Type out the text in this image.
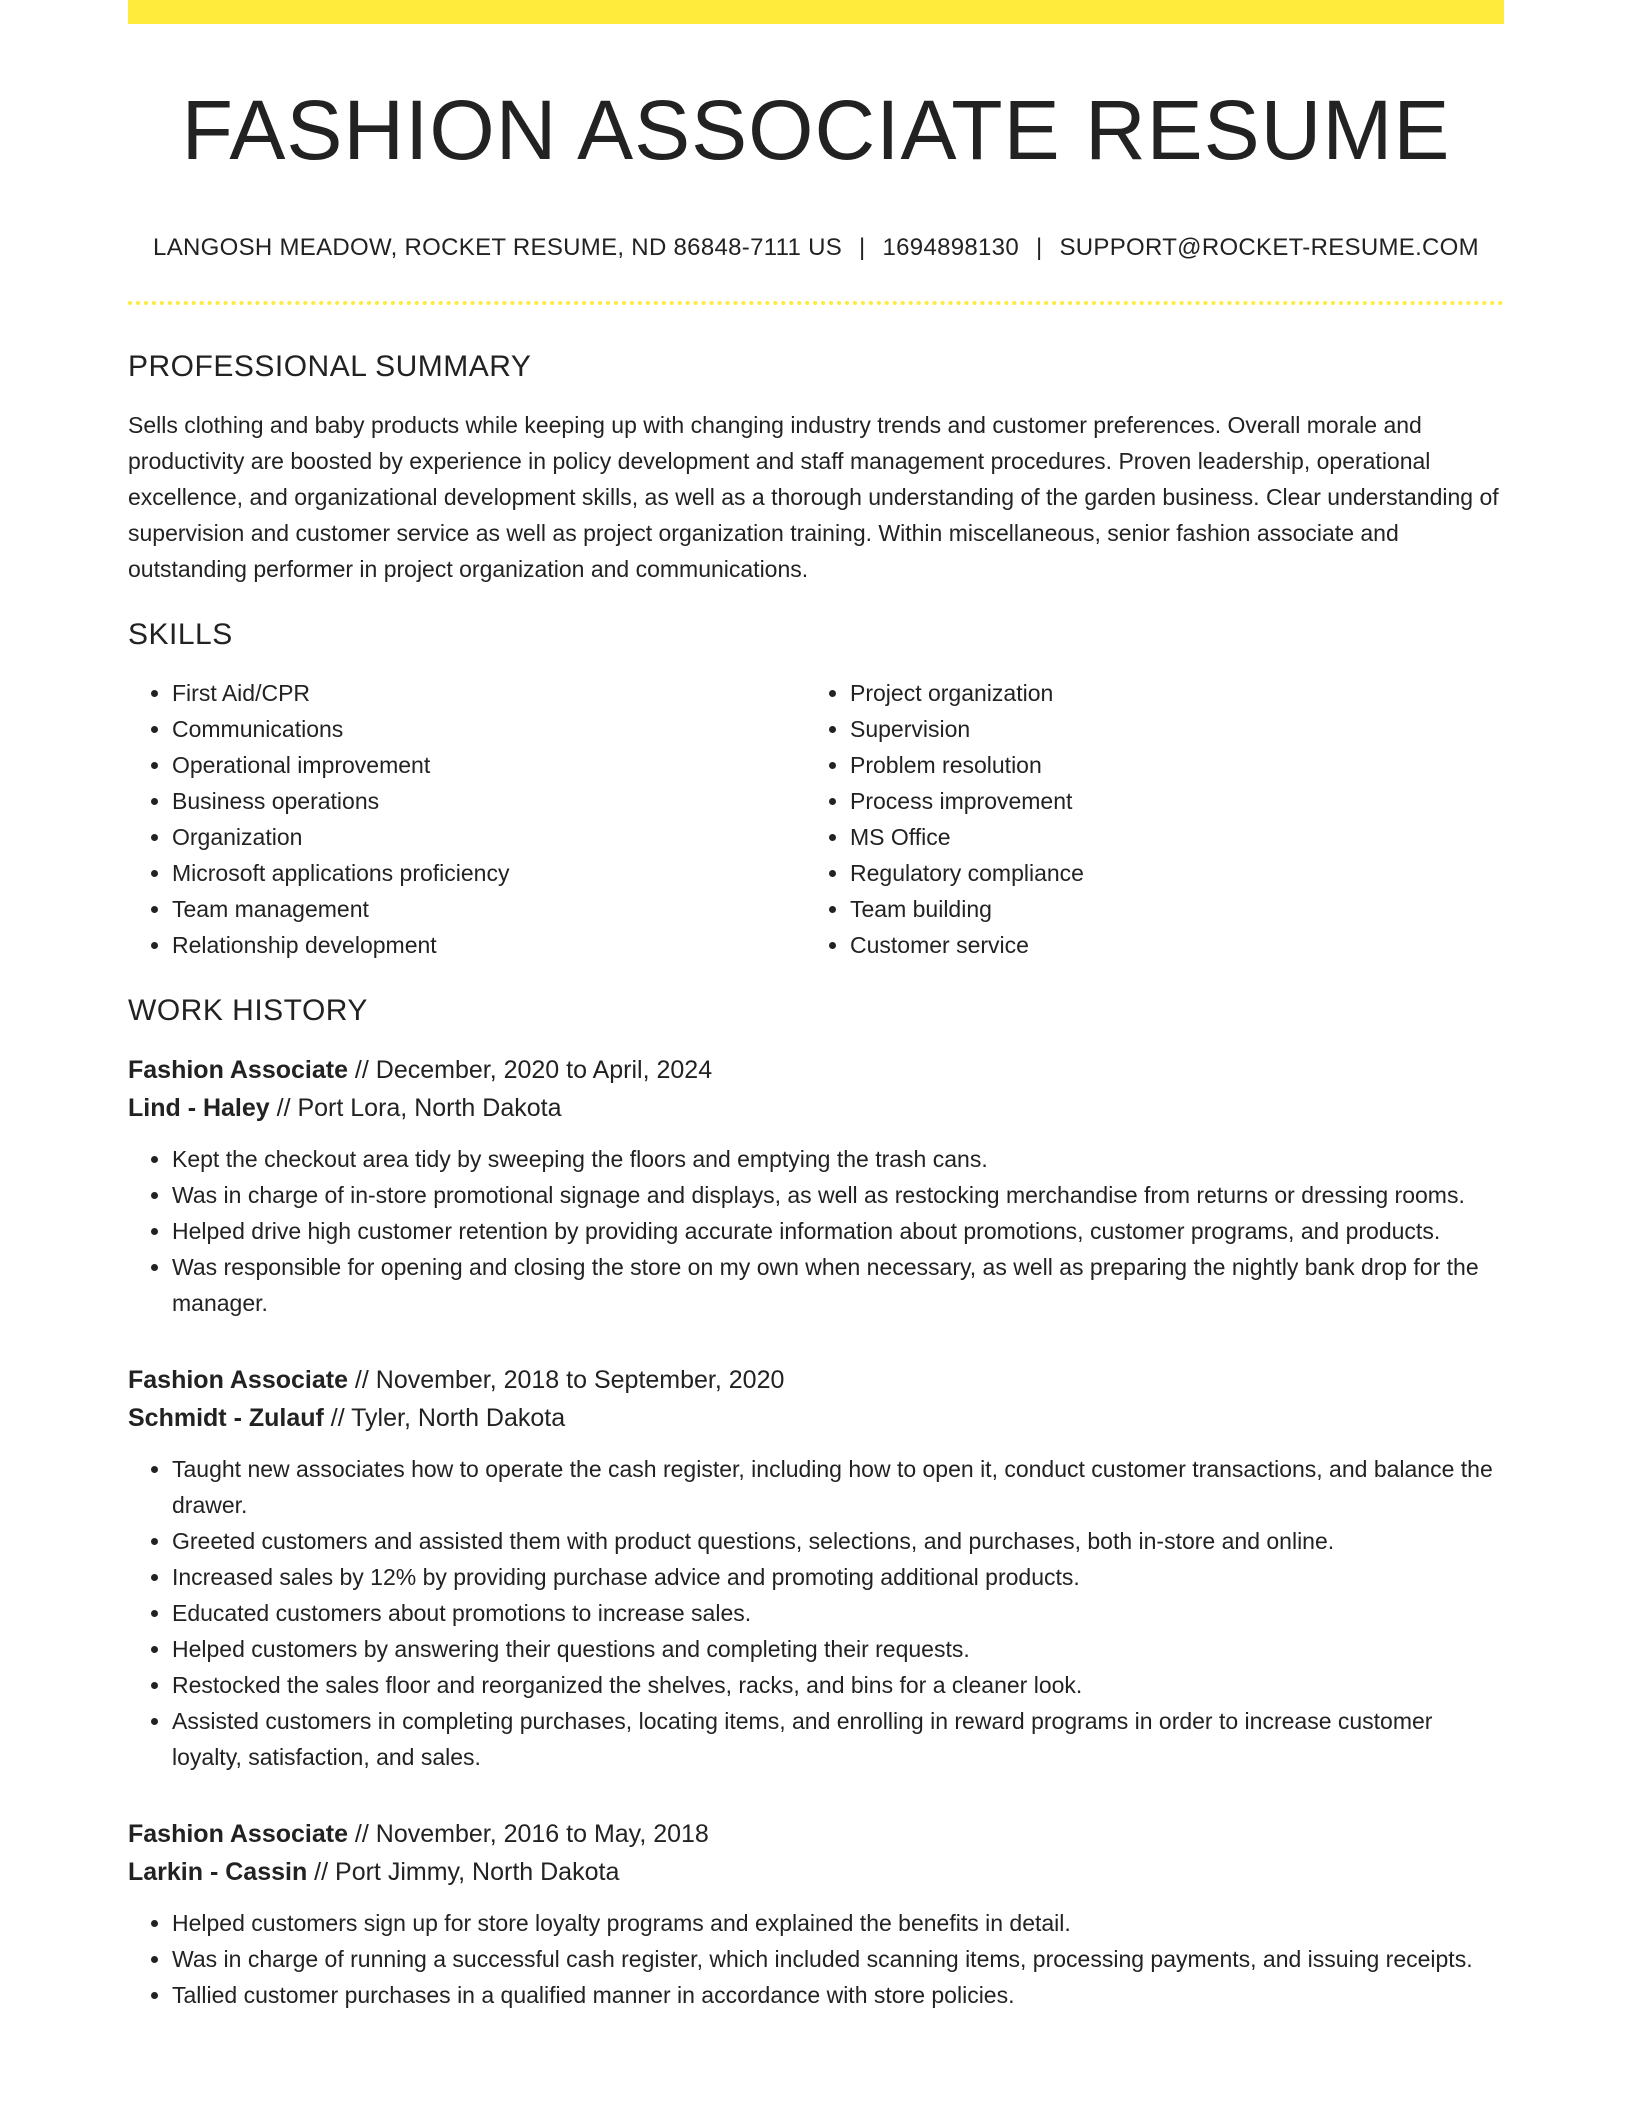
FASHION ASSOCIATE RESUME
LANGOSH MEADOW, ROCKET RESUME, ND 86848-7111 US | 1694898130 | SUPPORT@ROCKET-RESUME.COM
PROFESSIONAL SUMMARY

Sells clothing and baby products while keeping up with changing industry trends and customer preferences. Overall morale and productivity are boosted by experience in policy development and staff management procedures. Proven leadership, operational excellence, and organizational development skills, as well as a thorough understanding of the garden business. Clear understanding of supervision and customer service as well as project organization training. Within miscellaneous, senior fashion associate and outstanding performer in project organization and communications.

SKILLS
• First Aid/CPR
• Communications
• Operational improvement
• Business operations
• Organization
• Microsoft applications proficiency
• Team management
• Relationship development
• Project organization
• Supervision
• Problem resolution
• Process improvement
• MS Office
• Regulatory compliance
• Team building
• Customer service
WORK HISTORY
Fashion Associate // December, 2020 to April, 2024
Lind - Haley // Port Lora, North Dakota
• Kept the checkout area tidy by sweeping the floors and emptying the trash cans.
• Was in charge of in-store promotional signage and displays, as well as restocking merchandise from returns or dressing rooms.
• Helped drive high customer retention by providing accurate information about promotions, customer programs, and products.
• Was responsible for opening and closing the store on my own when necessary, as well as preparing the nightly bank drop for the manager.
Fashion Associate // November, 2018 to September, 2020
Schmidt - Zulauf // Tyler, North Dakota
• Taught new associates how to operate the cash register, including how to open it, conduct customer transactions, and balance the drawer.
• Greeted customers and assisted them with product questions, selections, and purchases, both in-store and online.
• Increased sales by 12% by providing purchase advice and promoting additional products.
• Educated customers about promotions to increase sales.
• Helped customers by answering their questions and completing their requests.
• Restocked the sales floor and reorganized the shelves, racks, and bins for a cleaner look.
• Assisted customers in completing purchases, locating items, and enrolling in reward programs in order to increase customer loyalty, satisfaction, and sales.
Fashion Associate // November, 2016 to May, 2018
Larkin - Cassin // Port Jimmy, North Dakota
• Helped customers sign up for store loyalty programs and explained the benefits in detail.
• Was in charge of running a successful cash register, which included scanning items, processing payments, and issuing receipts.
• Tallied customer purchases in a qualified manner in accordance with store policies.
